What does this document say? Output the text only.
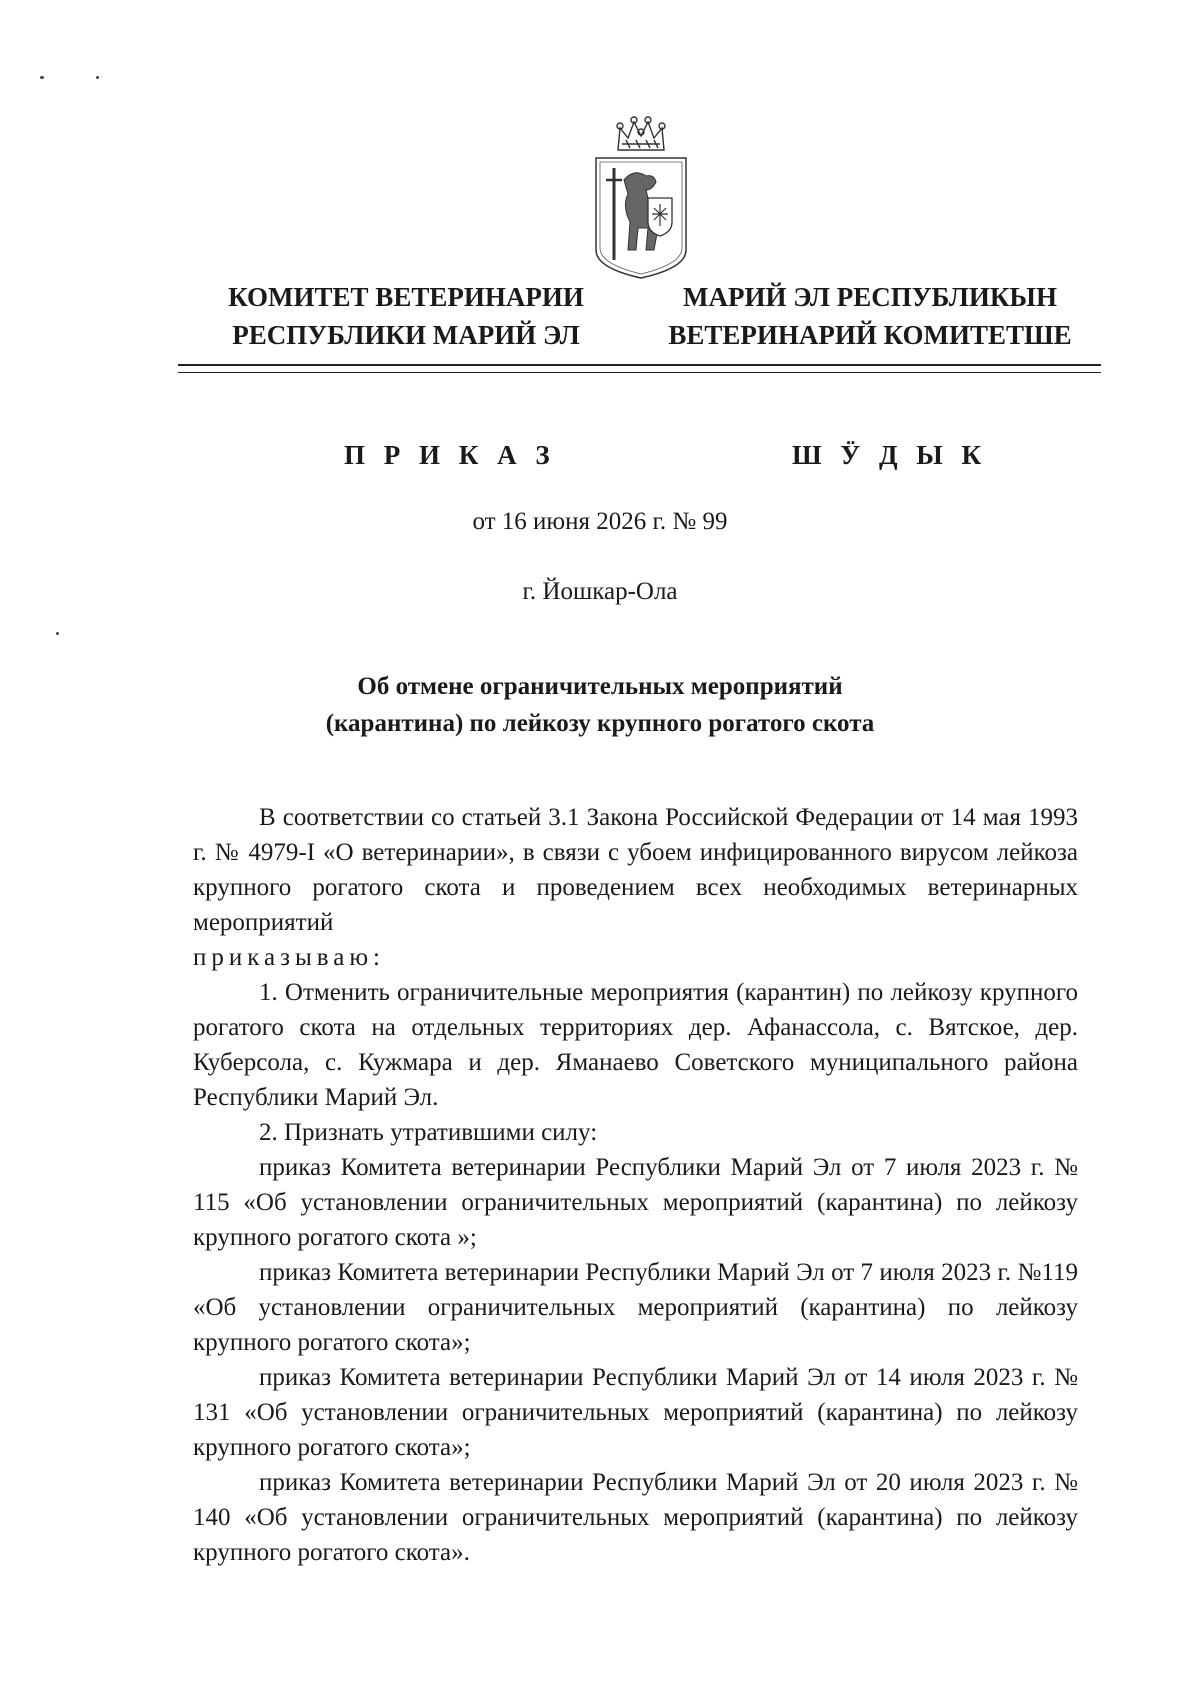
КОМИТЕТ ВЕТЕРИНАРИИ
РЕСПУБЛИКИ МАРИЙ ЭЛ
МАРИЙ ЭЛ РЕСПУБЛИКЫН
ВЕТЕРИНАРИЙ КОМИТЕТШЕ
П Р И К А З	Ш Ӱ Д Ы К
от 16 июня 2026 г. № 99
г. Йошкар-Ола
Об отмене ограничительных мероприятий
(карантина) по лейкозу крупного рогатого скота

В соответствии со статьей 3.1 Закона Российской Федерации от 14 мая 1993 г. № 4979-I «О ветеринарии», в связи с убоем инфицированного вирусом лейкоза крупного рогатого скота и проведением всех необходимых ветеринарных мероприятий

приказываю:

1. Отменить ограничительные мероприятия (карантин) по лейкозу крупного рогатого скота на отдельных территориях дер. Афанассола, с. Вятское, дер. Кубeрсола, с. Кужмара и дер. Яманаево Советского муниципального района Республики Марий Эл.

2. Признать утратившими силу:

приказ Комитета ветеринарии Республики Марий Эл от 7 июля 2023 г. № 115 «Об установлении ограничительных мероприятий (карантина) по лейкозу крупного рогатого скота »;

приказ Комитета ветеринарии Республики Марий Эл от 7 июля 2023 г. №119 «Об установлении ограничительных мероприятий (карантина) по лейкозу крупного рогатого скота»;

приказ Комитета ветеринарии Республики Марий Эл от 14 июля 2023 г. № 131 «Об установлении ограничительных мероприятий (карантина) по лейкозу крупного рогатого скота»;

приказ Комитета ветеринарии Республики Марий Эл от 20 июля 2023 г. № 140 «Об установлении ограничительных мероприятий (карантина) по лейкозу крупного рогатого скота».
